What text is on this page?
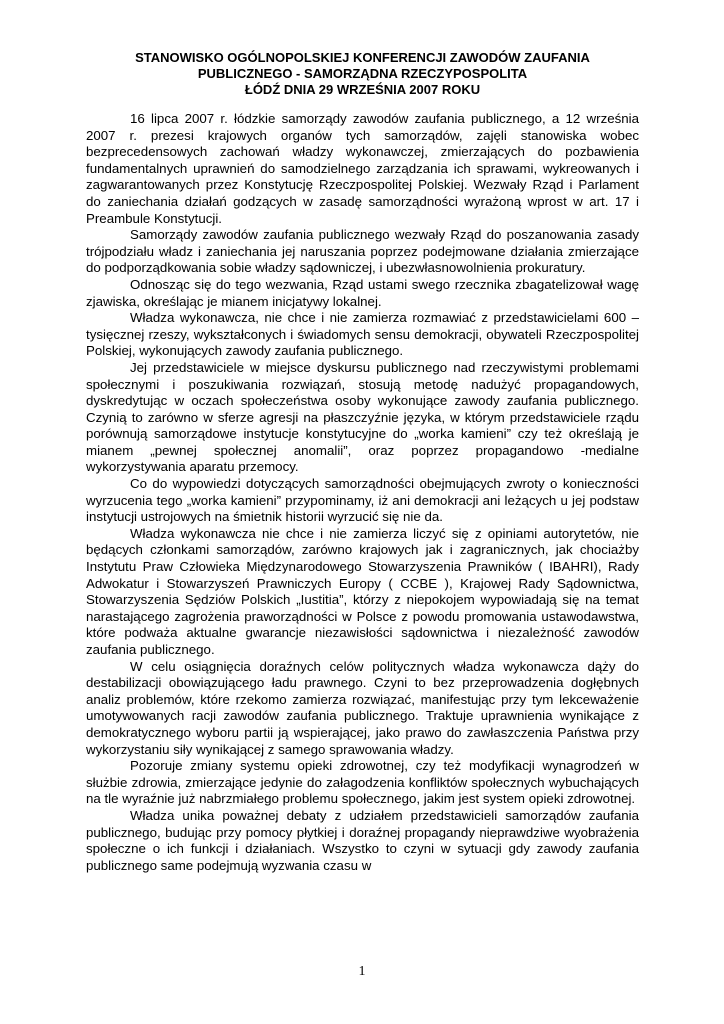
STANOWISKO OGÓLNOPOLSKIEJ KONFERENCJI ZAWODÓW ZAUFANIA
PUBLICZNEGO - SAMORZĄDNA RZECZYPOSPOLITA
ŁÓDŹ DNIA 29 WRZEŚNIA 2007 ROKU

16 lipca 2007 r. łódzkie samorządy zawodów zaufania publicznego, a 12 września 2007 r. prezesi krajowych organów tych samorządów, zajęli stanowiska wobec bezprecedensowych zachowań władzy wykonawczej, zmierzających do pozbawienia fundamentalnych uprawnień do samodzielnego zarządzania ich sprawami, wykreowanych i zagwarantowanych przez Konstytucję Rzeczpospolitej Polskiej. Wezwały Rząd i Parlament do zaniechania działań godzących w zasadę samorządności wyrażoną wprost w art. 17 i Preambule Konstytucji.

Samorządy zawodów zaufania publicznego wezwały Rząd do poszanowania zasady trójpodziału władz i zaniechania jej naruszania poprzez podejmowane działania zmierzające do podporządkowania sobie władzy sądowniczej, i ubezwłasnowolnienia prokuratury.

Odnosząc się do tego wezwania, Rząd ustami swego rzecznika zbagatelizował wagę zjawiska, określając je mianem inicjatywy lokalnej.

Władza wykonawcza, nie chce i nie zamierza rozmawiać z przedstawicielami 600 – tysięcznej rzeszy, wykształconych i świadomych sensu demokracji, obywateli Rzeczpospolitej Polskiej, wykonujących zawody zaufania publicznego.

Jej przedstawiciele w miejsce dyskursu publicznego nad rzeczywistymi problemami społecznymi i poszukiwania rozwiązań, stosują metodę nadużyć propagandowych, dyskredytując w oczach społeczeństwa osoby wykonujące zawody zaufania publicznego. Czynią to zarówno w sferze agresji na płaszczyźnie języka, w którym przedstawiciele rządu porównują samorządowe instytucje konstytucyjne do „worka kamieni” czy też określają je mianem „pewnej społecznej anomalii”, oraz poprzez propagandowo -medialne wykorzystywania aparatu przemocy.

Co do wypowiedzi dotyczących samorządności obejmujących zwroty o konieczności wyrzucenia tego „worka kamieni” przypominamy, iż ani demokracji ani leżących u jej podstaw instytucji ustrojowych na śmietnik historii wyrzucić się nie da.

Władza wykonawcza nie chce i nie zamierza liczyć się z opiniami autorytetów, nie będących członkami samorządów, zarówno krajowych jak i zagranicznych, jak chociażby Instytutu Praw Człowieka Międzynarodowego Stowarzyszenia Prawników ( IBAHRI), Rady Adwokatur i Stowarzyszeń Prawniczych Europy ( CCBE ), Krajowej Rady Sądownictwa, Stowarzyszenia Sędziów Polskich „Iustitia”, którzy z niepokojem wypowiadają się na temat narastającego zagrożenia praworządności w Polsce z powodu promowania ustawodawstwa, które podważa aktualne gwarancje niezawisłości sądownictwa i niezależność zawodów zaufania publicznego.

W celu osiągnięcia doraźnych celów politycznych władza wykonawcza dąży do destabilizacji obowiązującego ładu prawnego. Czyni to bez przeprowadzenia dogłębnych analiz problemów, które rzekomo zamierza rozwiązać, manifestując przy tym lekceważenie umotywowanych racji zawodów zaufania publicznego. Traktuje uprawnienia wynikające z demokratycznego wyboru partii ją wspierającej, jako prawo do zawłaszczenia Państwa przy wykorzystaniu siły wynikającej z samego sprawowania władzy.

Pozoruje zmiany systemu opieki zdrowotnej, czy też modyfikacji wynagrodzeń w służbie zdrowia, zmierzające jedynie do załagodzenia konfliktów społecznych wybuchających na tle wyraźnie już nabrzmiałego problemu społecznego, jakim jest system opieki zdrowotnej.

Władza unika poważnej debaty z udziałem przedstawicieli samorządów zaufania publicznego, budując przy pomocy płytkiej i doraźnej propagandy nieprawdziwe wyobrażenia społeczne o ich funkcji i działaniach. Wszystko to czyni w sytuacji gdy zawody zaufania publicznego same podejmują wyzwania czasu w

1
